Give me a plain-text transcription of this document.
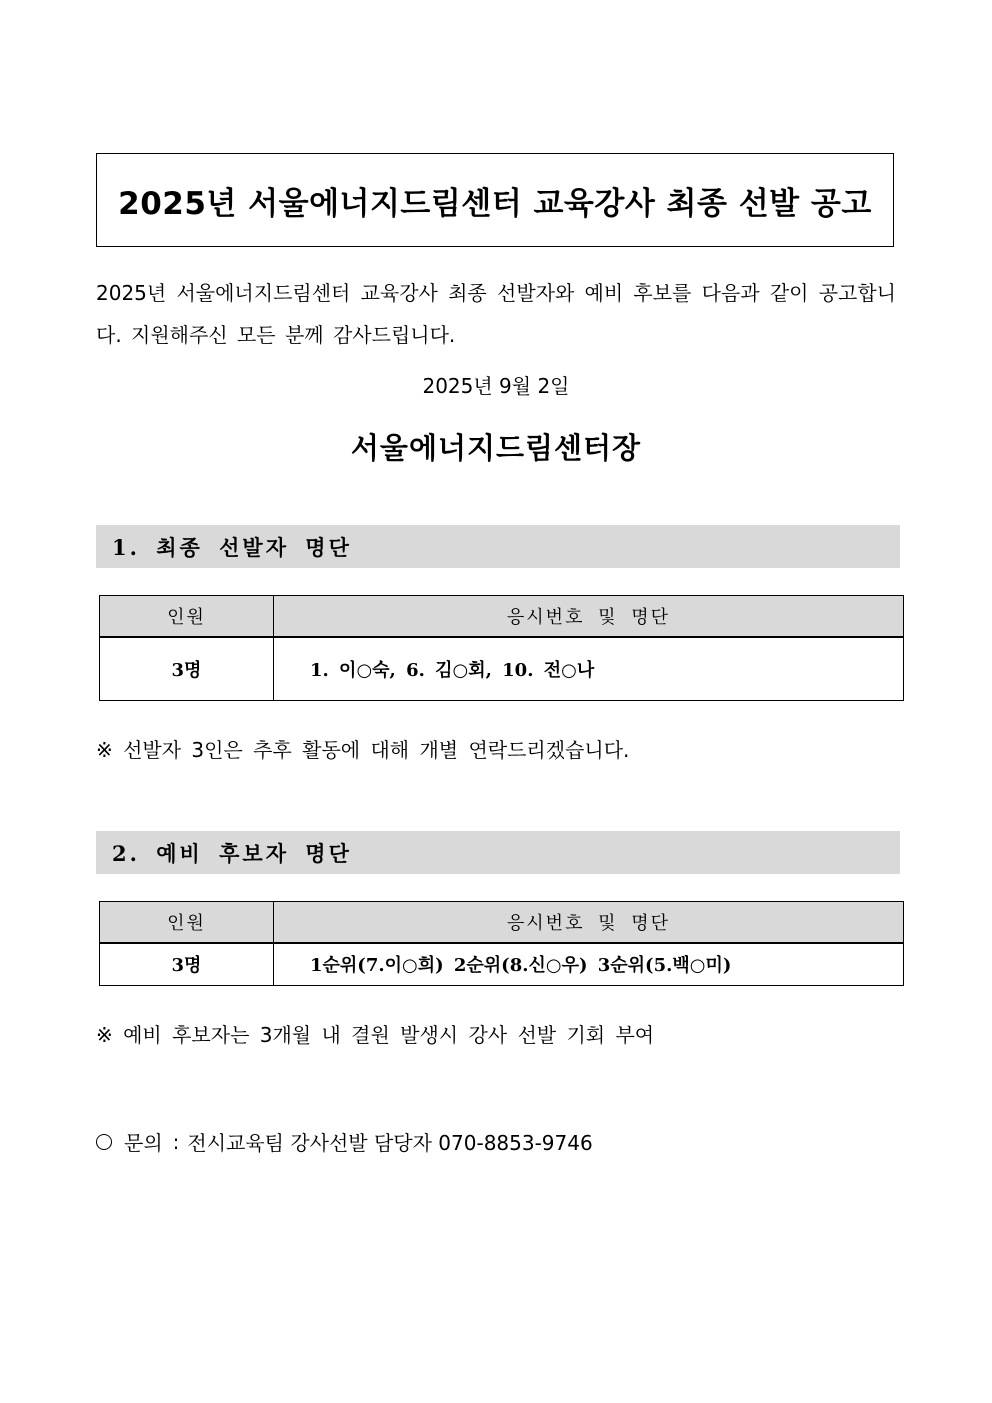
2025년 서울에너지드림센터 교육강사 최종 선발 공고
2025년 서울에너지드림센터 교육강사 최종 선발자와 예비 후보를 다음과 같이 공고합니다. 지원해주신 모든 분께 감사드립니다.
2025년 9월 2일
서울에너지드림센터장
1. 최종 선발자 명단
인원	응시번호 및 명단
3명	1. 이○숙, 6. 김○회, 10. 전○나
※ 선발자 3인은 추후 활동에 대해 개별 연락드리겠습니다.
2. 예비 후보자 명단
인원	응시번호 및 명단
3명	1순위(7.이○희) 2순위(8.신○우) 3순위(5.백○미)
※ 예비 후보자는 3개월 내 결원 발생시 강사 선발 기회 부여
문의 : 전시교육팀 강사선발 담당자 070-8853-9746
